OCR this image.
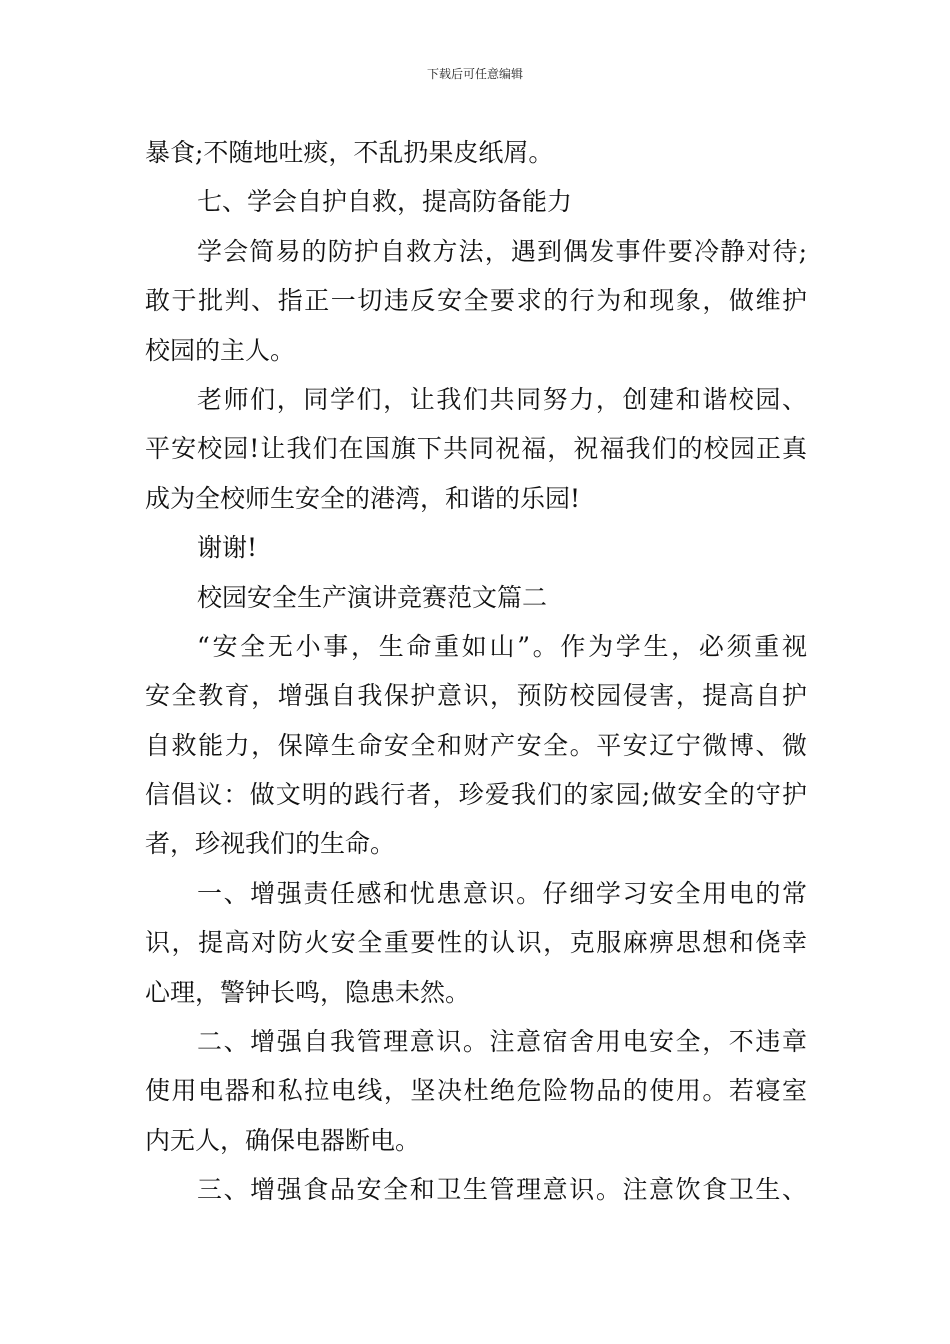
下载后可任意编辑
暴食;不随地吐痰，不乱扔果皮纸屑。
七、学会自护自救，提高防备能力
学会简易的防护自救方法，遇到偶发事件要冷静对待;
敢于批判、指正一切违反安全要求的行为和现象，做维护
校园的主人。
老师们，同学们，让我们共同努力，创建和谐校园、
平安校园!让我们在国旗下共同祝福，祝福我们的校园正真
成为全校师生安全的港湾，和谐的乐园!
谢谢!
校园安全生产演讲竞赛范文篇二
“安全无小事，生命重如山”。作为学生，必须重视
安全教育，增强自我保护意识，预防校园侵害，提高自护
自救能力，保障生命安全和财产安全。平安辽宁微博、微
信倡议：做文明的践行者，珍爱我们的家园;做安全的守护
者，珍视我们的生命。
一、增强责任感和忧患意识。仔细学习安全用电的常
识，提高对防火安全重要性的认识，克服麻痹思想和侥幸
心理，警钟长鸣，隐患未然。
二、增强自我管理意识。注意宿舍用电安全，不违章
使用电器和私拉电线，坚决杜绝危险物品的使用。若寝室
内无人，确保电器断电。
三、增强食品安全和卫生管理意识。注意饮食卫生、
